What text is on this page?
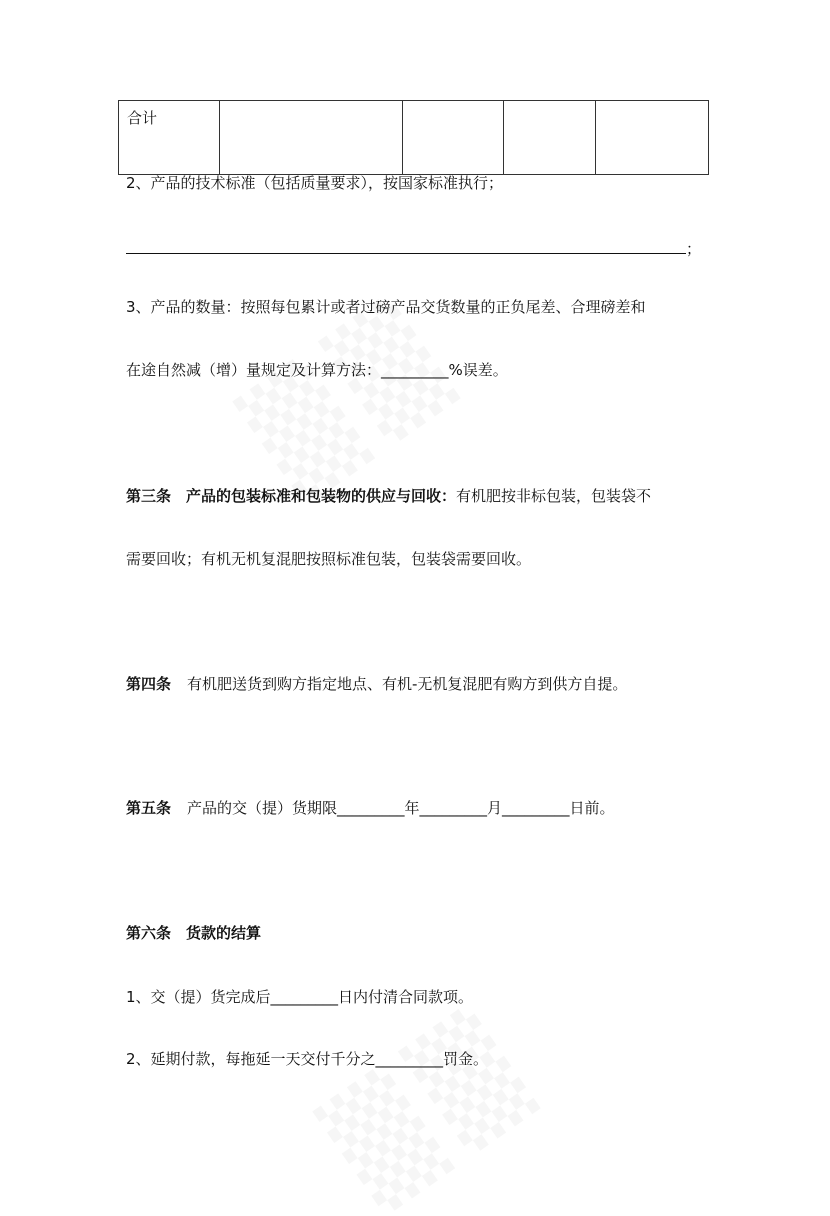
合计				
2、产品的技术标准（包括质量要求），按国家标准执行；
；
3、产品的数量：按照每包累计或者过磅产品交货数量的正负尾差、合理磅差和
在途自然减（增）量规定及计算方法：_________%误差。
第三条　产品的包装标准和包装物的供应与回收：有机肥按非标包装，包装袋不
需要回收；有机无机复混肥按照标准包装，包装袋需要回收。
第四条 有机肥送货到购方指定地点、有机-无机复混肥有购方到供方自提。
第五条 产品的交（提）货期限_________年_________月_________日前。
第六条　货款的结算
1、交（提）货完成后_________日内付清合同款项。
2、延期付款，每拖延一天交付千分之_________罚金。
